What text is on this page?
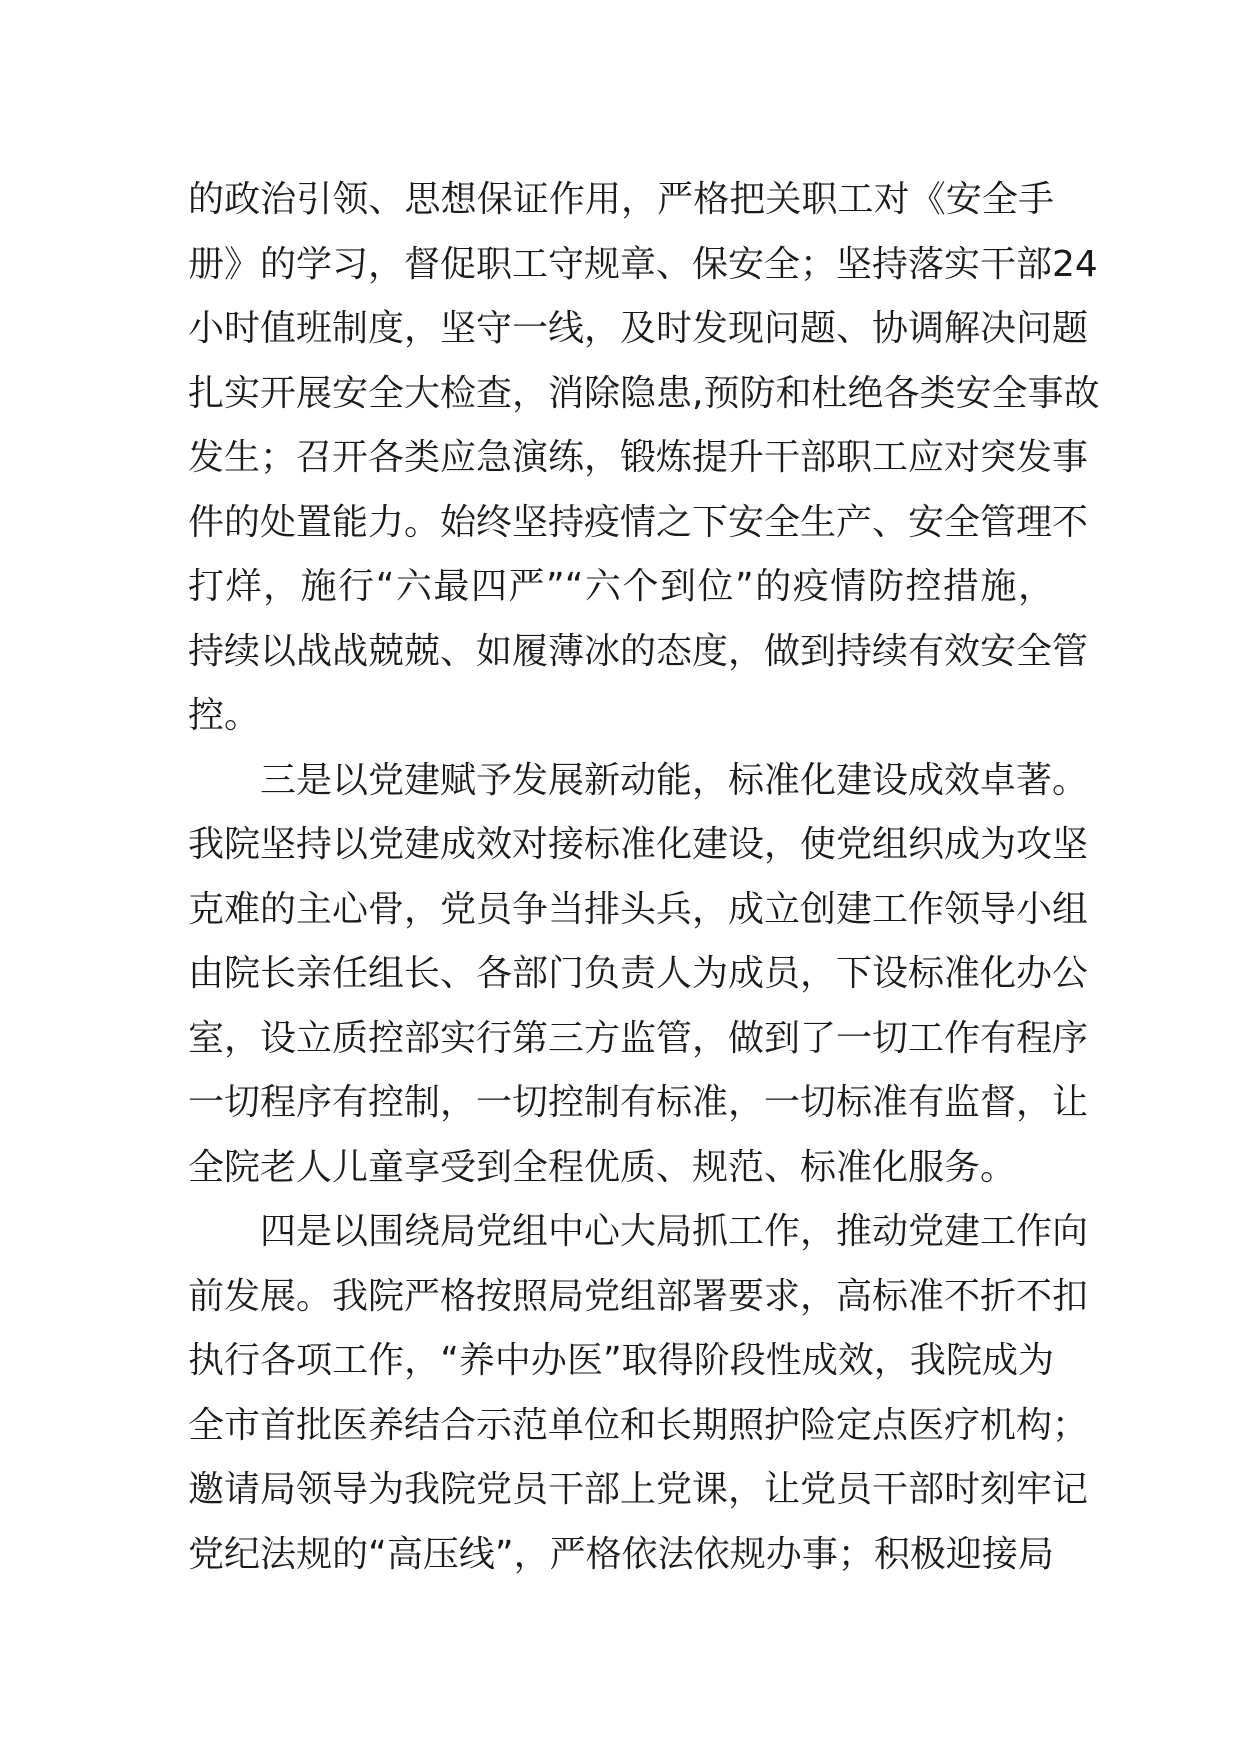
的政治引领、思想保证作用，严格把关职工对《安全手
册》的学习，督促职工守规章、保安全；坚持落实干部24
小时值班制度，坚守一线，及时发现问题、协调解决问题
扎实开展安全大检查，消除隐患,预防和杜绝各类安全事故
发生；召开各类应急演练，锻炼提升干部职工应对突发事
件的处置能力。始终坚持疫情之下安全生产、安全管理不
打烊，施行“六最四严”“六个到位”的疫情防控措施，
持续以战战兢兢、如履薄冰的态度，做到持续有效安全管
控。
三是以党建赋予发展新动能，标准化建设成效卓著。
我院坚持以党建成效对接标准化建设，使党组织成为攻坚
克难的主心骨，党员争当排头兵，成立创建工作领导小组
由院长亲任组长、各部门负责人为成员，下设标准化办公
室，设立质控部实行第三方监管，做到了一切工作有程序
一切程序有控制，一切控制有标准，一切标准有监督，让
全院老人儿童享受到全程优质、规范、标准化服务。
四是以围绕局党组中心大局抓工作，推动党建工作向
前发展。我院严格按照局党组部署要求，高标准不折不扣
执行各项工作，“养中办医”取得阶段性成效，我院成为
全市首批医养结合示范单位和长期照护险定点医疗机构；
邀请局领导为我院党员干部上党课，让党员干部时刻牢记
党纪法规的“高压线”，严格依法依规办事；积极迎接局
